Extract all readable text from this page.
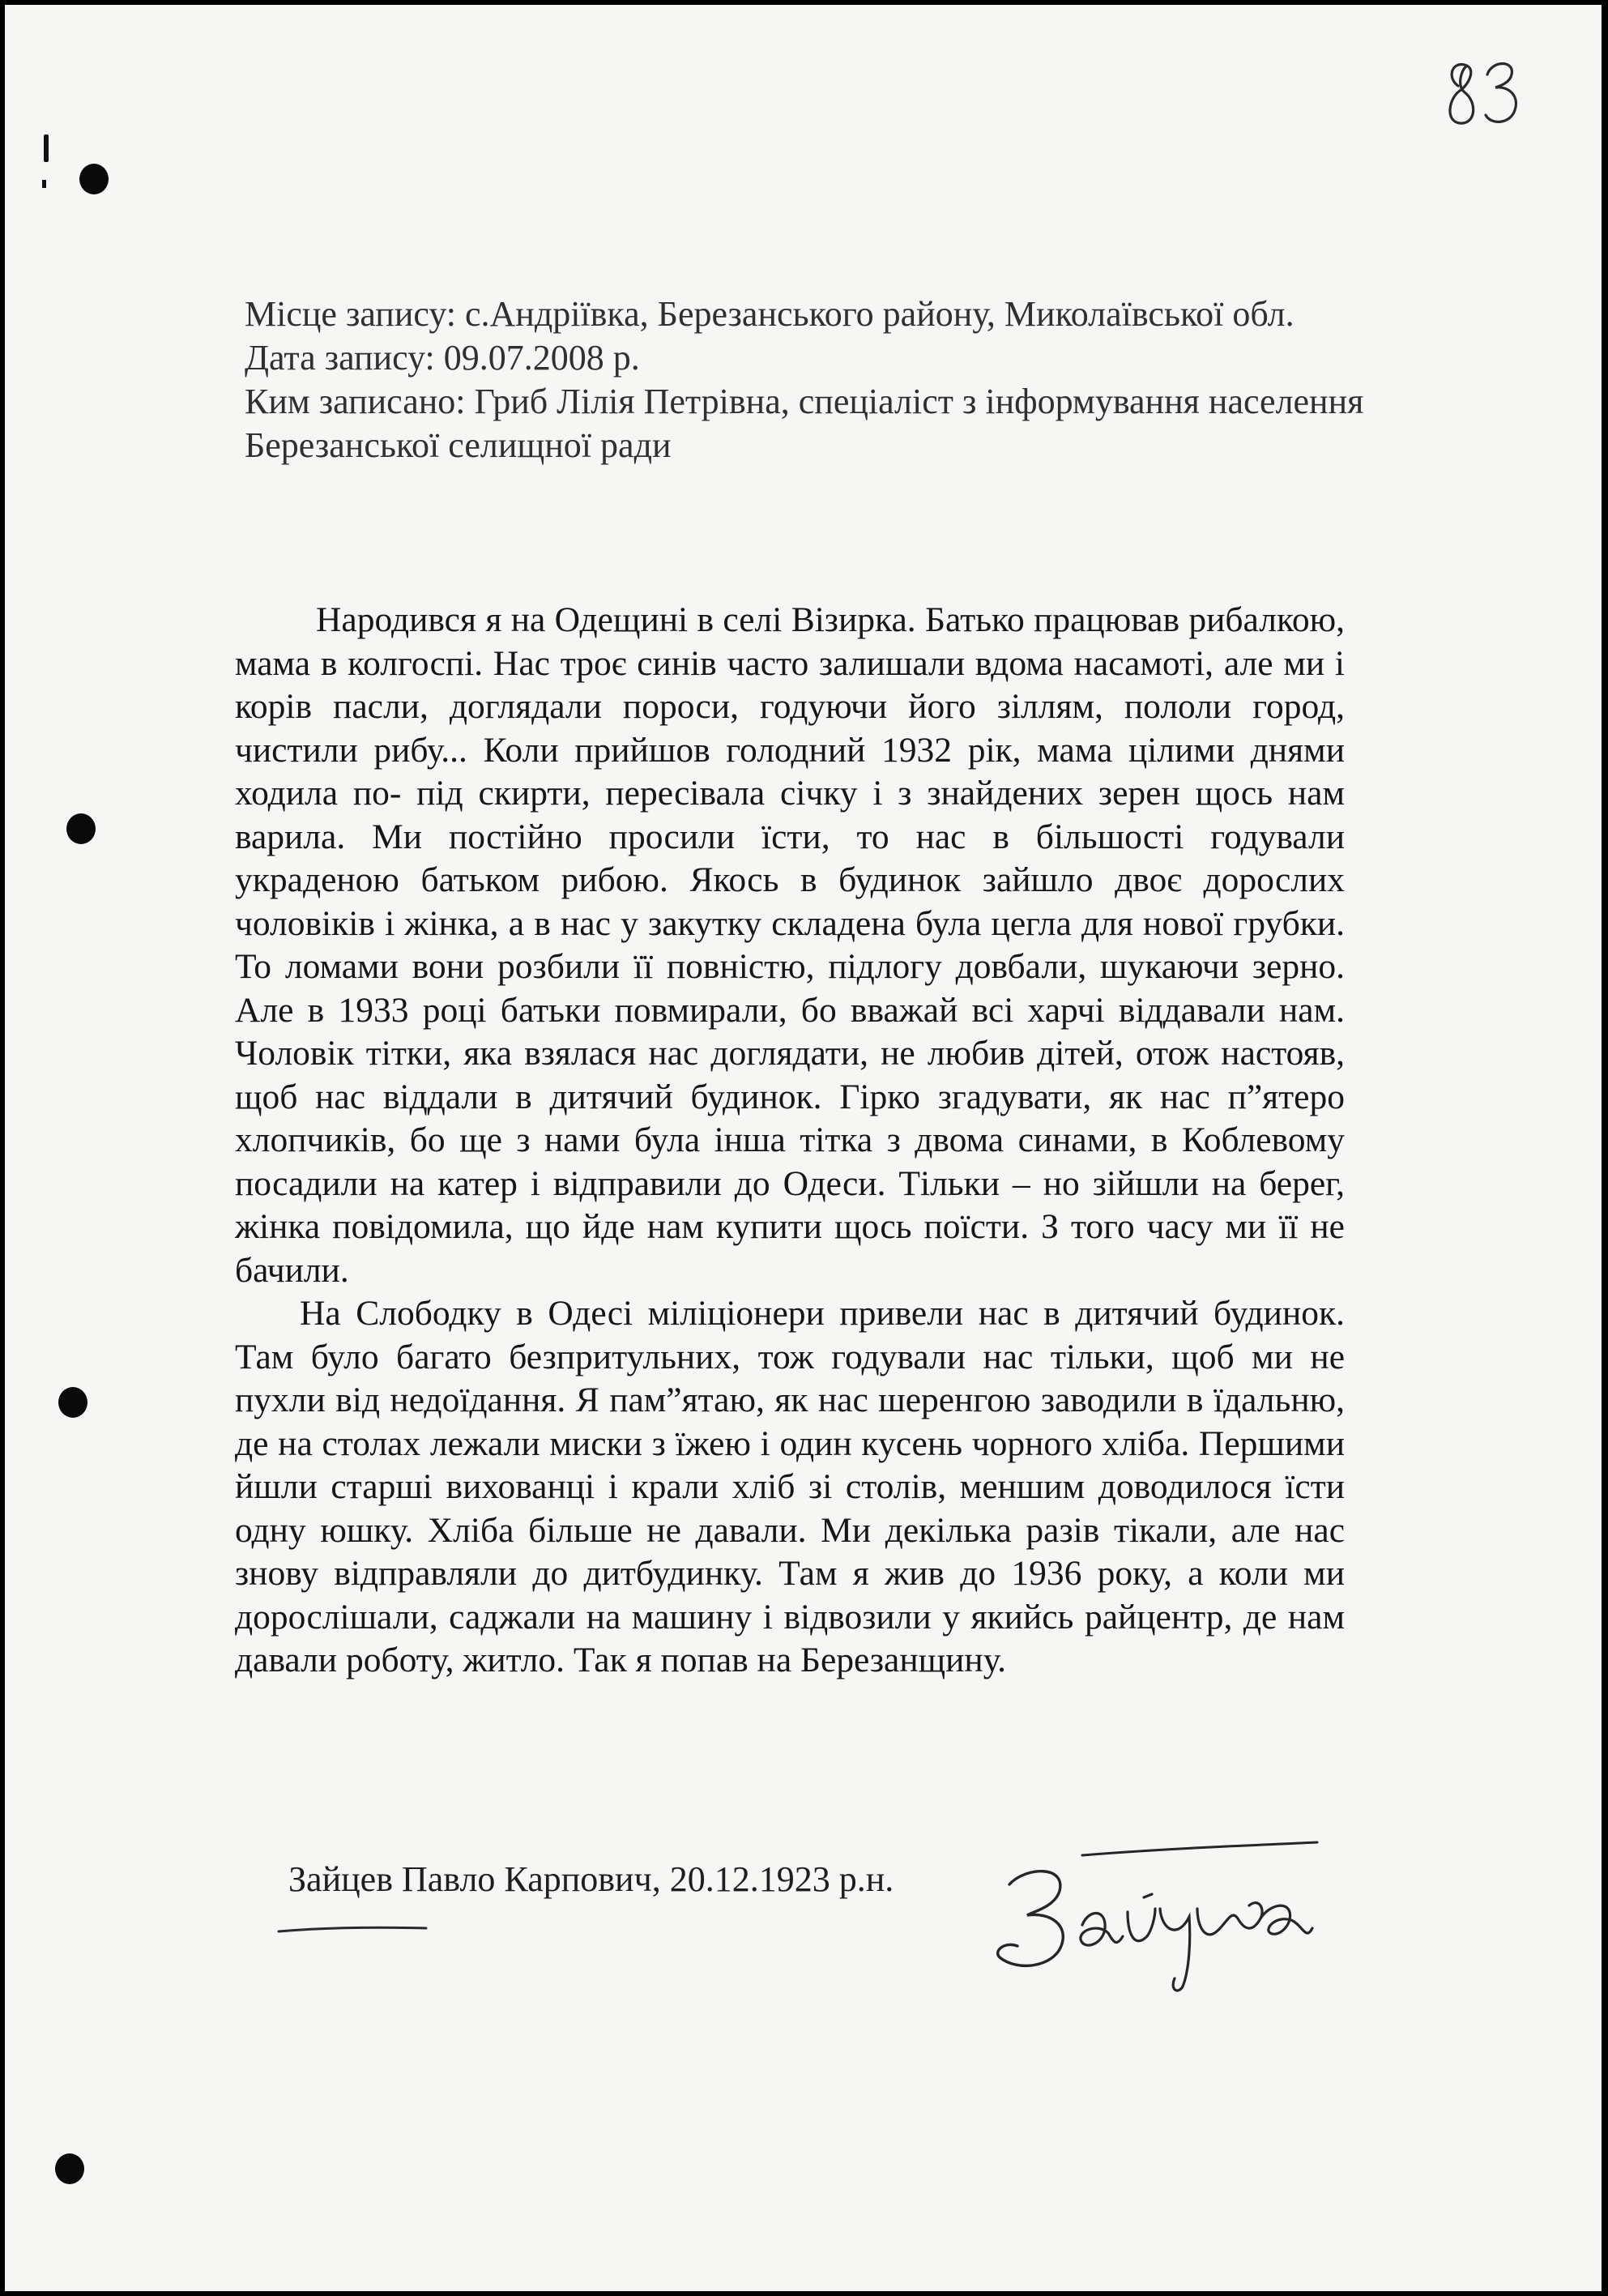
Місце запису: с.Андріївка, Березанського району, Миколаївської обл.

Дата запису: 09.07.2008 р.

Ким записано: Гриб Лілія Петрівна, спеціаліст з інформування населення Березанської селищної ради

Народився я на Одещині в селі Візирка. Батько працював рибалкою, мама в колгоспі. Нас троє синів часто залишали вдома насамоті, але ми і корів пасли, доглядали пороси, годуючи його зіллям, пололи город, чистили рибу... Коли прийшов голодний 1932 рік, мама цілими днями ходила по- під скирти, пересівала січку і з знайдених зерен щось нам варила. Ми постійно просили їсти, то нас в більшості годували украденою батьком рибою. Якось в будинок зайшло двоє дорослих чоловіків і жінка, а в нас у закутку складена була цегла для нової грубки. То ломами вони розбили її повністю, підлогу довбали, шукаючи зерно. Але в 1933 році батьки повмирали, бо вважай всі харчі віддавали нам. Чоловік тітки, яка взялася нас доглядати, не любив дітей, отож настояв, щоб нас віддали в дитячий будинок. Гірко згадувати, як нас п”ятеро хлопчиків, бо ще з нами була інша тітка з двома синами, в Коблевому посадили на катер і відправили до Одеси. Тільки – но зійшли на берег, жінка повідомила, що йде нам купити щось поїсти. З того часу ми її не бачили.

На Слободку в Одесі міліціонери привели нас в дитячий будинок. Там було багато безпритульних, тож годували нас тільки, щоб ми не пухли від недоїдання. Я пам”ятаю, як нас шеренгою заводили в їдальню, де на столах лежали миски з їжею і один кусень чорного хліба. Першими йшли старші вихованці і крали хліб зі столів, меншим доводилося їсти одну юшку. Хліба більше не давали. Ми декілька разів тікали, але нас знову відправляли до дитбудинку. Там я жив до 1936 року, а коли ми дорослішали, саджали на машину і відвозили у якийсь райцентр, де нам давали роботу, житло. Так я попав на Березанщину.

Зайцев Павло Карпович, 20.12.1923 р.н.
